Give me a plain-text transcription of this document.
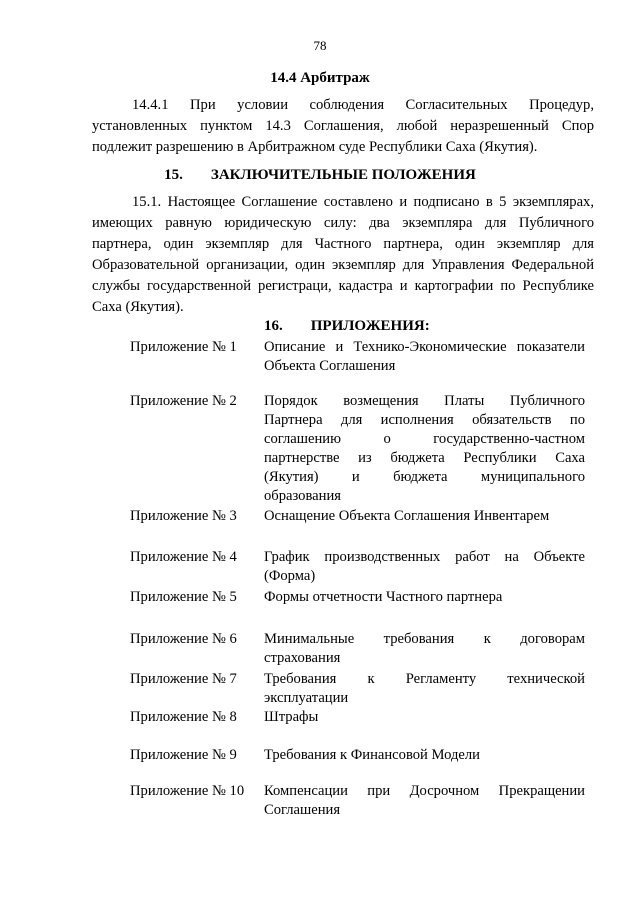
78
14.4 Арбитраж
14.4.1 При условии соблюдения Согласительных Процедур,
установленных пунктом 14.3 Соглашения, любой неразрешенный Спор
подлежит разрешению в Арбитражном суде Республики Саха (Якутия).
15. ЗАКЛЮЧИТЕЛЬНЫЕ ПОЛОЖЕНИЯ
15.1. Настоящее Соглашение составлено и подписано в 5 экземплярах,
имеющих равную юридическую силу: два экземпляра для Публичного
партнера, один экземпляр для Частного партнера, один экземпляр для
Образовательной организации, один экземпляр для Управления Федеральной
службы государственной регистраци, кадастра и картографии по Республике
Саха (Якутия).
16. ПРИЛОЖЕНИЯ:
Приложение № 1 Описание и Технико-Экономические показатели
Объекта Соглашения
Приложение № 2 Порядок возмещения Платы Публичного
Партнера для исполнения обязательств по
соглашению о государственно-частном
партнерстве из бюджета Республики Саха
(Якутия) и бюджета муниципального
образования
Приложение № 3 Оснащение Объекта Соглашения Инвентарем
Приложение № 4 График производственных работ на Объекте
(Форма)
Приложение № 5 Формы отчетности Частного партнера
Приложение № 6 Минимальные требования к договорам
страхования
Приложение № 7 Требования к Регламенту технической
эксплуатации
Приложение № 8 Штрафы
Приложение № 9 Требования к Финансовой Модели
Приложение № 10 Компенсации при Досрочном Прекращении
Соглашения
